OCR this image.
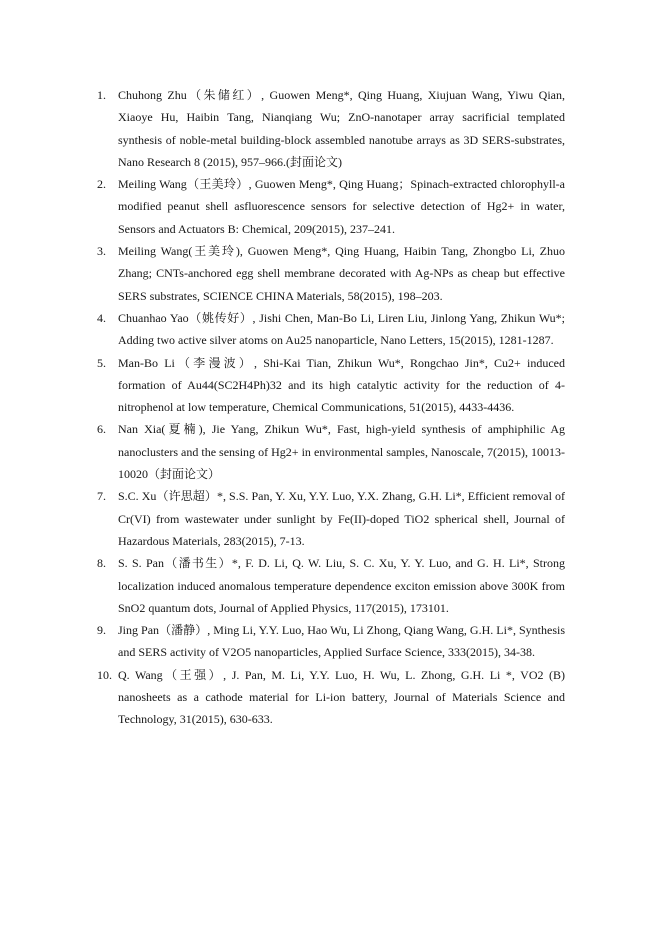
1. Chuhong Zhu（朱储红）, Guowen Meng*, Qing Huang, Xiujuan Wang, Yiwu Qian, Xiaoye Hu, Haibin Tang, Nianqiang Wu; ZnO-nanotaper array sacrificial templated synthesis of noble-metal building-block assembled nanotube arrays as 3D SERS-substrates, Nano Research 8 (2015), 957–966.(封面论文)
2. Meiling Wang（王美玲）, Guowen Meng*, Qing Huang；Spinach-extracted chlorophyll-a modified peanut shell asfluorescence sensors for selective detection of Hg2+ in water, Sensors and Actuators B: Chemical, 209(2015), 237–241.
3. Meiling Wang(王美玲), Guowen Meng*, Qing Huang, Haibin Tang, Zhongbo Li, Zhuo Zhang; CNTs-anchored egg shell membrane decorated with Ag-NPs as cheap but effective SERS substrates, SCIENCE CHINA Materials, 58(2015), 198–203.
4. Chuanhao Yao（姚传好）, Jishi Chen, Man-Bo Li, Liren Liu, Jinlong Yang, Zhikun Wu*; Adding two active silver atoms on Au25 nanoparticle, Nano Letters, 15(2015), 1281-1287.
5. Man-Bo Li（李漫波）, Shi-Kai Tian, Zhikun Wu*, Rongchao Jin*, Cu2+ induced formation of Au44(SC2H4Ph)32 and its high catalytic activity for the reduction of 4-nitrophenol at low temperature, Chemical Communications, 51(2015), 4433-4436.
6. Nan Xia(夏楠), Jie Yang, Zhikun Wu*, Fast, high-yield synthesis of amphiphilic Ag nanoclusters and the sensing of Hg2+ in environmental samples, Nanoscale, 7(2015), 10013-10020（封面论文）
7. S.C. Xu（许思超）*, S.S. Pan, Y. Xu, Y.Y. Luo, Y.X. Zhang, G.H. Li*, Efficient removal of Cr(VI) from wastewater under sunlight by Fe(II)-doped TiO2 spherical shell, Journal of Hazardous Materials, 283(2015), 7-13.
8. S. S. Pan（潘书生）*, F. D. Li, Q. W. Liu, S. C. Xu, Y. Y. Luo, and G. H. Li*, Strong localization induced anomalous temperature dependence exciton emission above 300K from SnO2 quantum dots, Journal of Applied Physics, 117(2015), 173101.
9. Jing Pan（潘静）, Ming Li, Y.Y. Luo, Hao Wu, Li Zhong, Qiang Wang, G.H. Li*, Synthesis and SERS activity of V2O5 nanoparticles, Applied Surface Science, 333(2015), 34-38.
10. Q. Wang（王强）, J. Pan, M. Li, Y.Y. Luo, H. Wu, L. Zhong, G.H. Li *, VO2 (B) nanosheets as a cathode material for Li-ion battery, Journal of Materials Science and Technology, 31(2015), 630-633.
